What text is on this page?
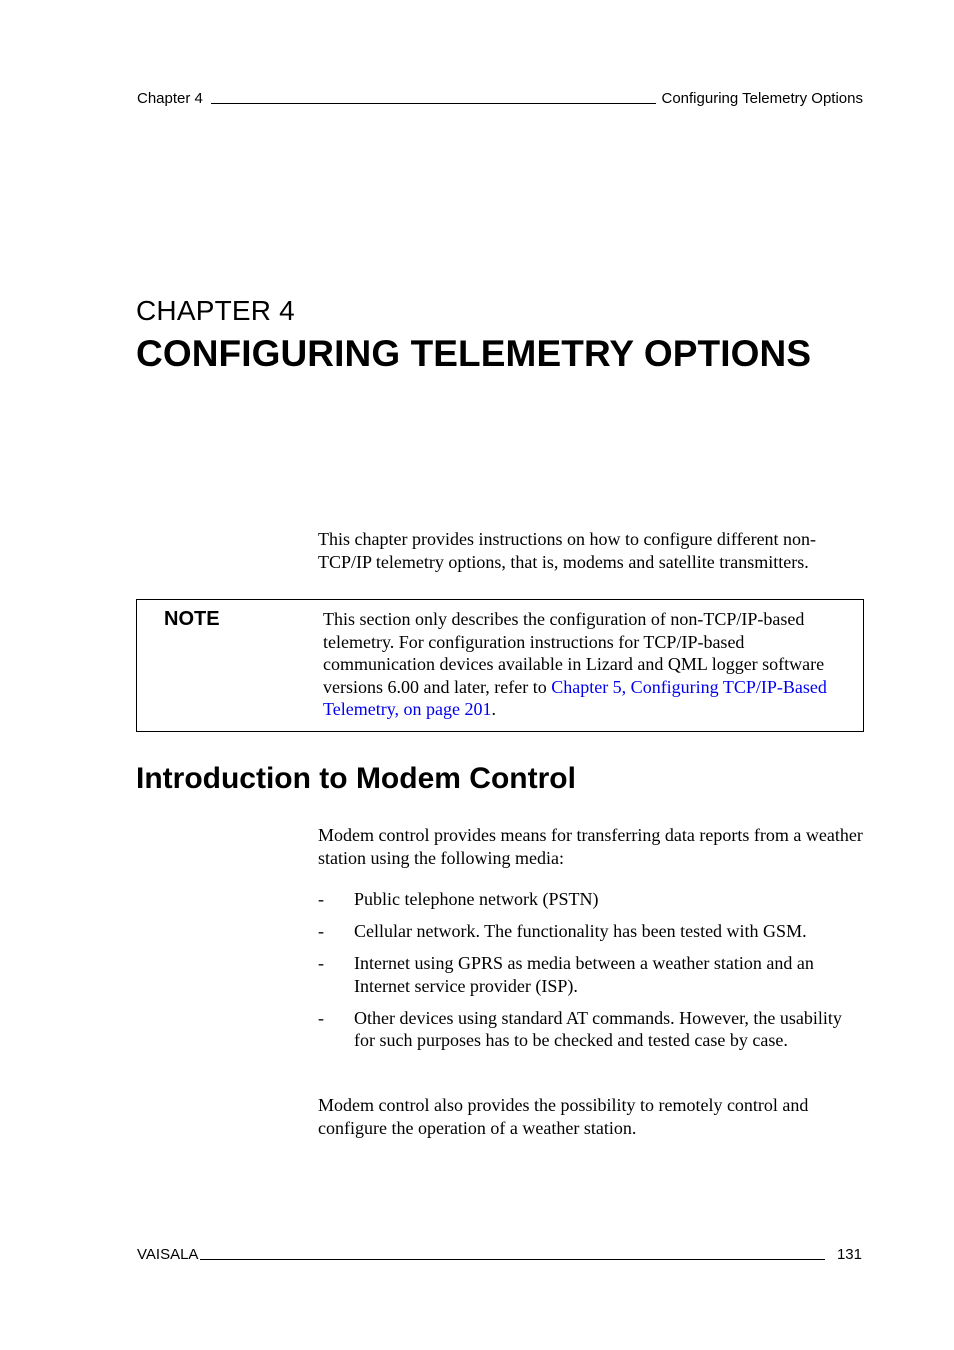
Chapter 4	Configuring Telemetry Options
CHAPTER 4
CONFIGURING TELEMETRY OPTIONS

This chapter provides instructions on how to configure different non-TCP/IP telemetry options, that is, modems and satellite transmitters.

NOTE	This section only describes the configuration of non-TCP/IP-based telemetry. For configuration instructions for TCP/IP-based communication devices available in Lizard and QML logger software versions 6.00 and later, refer to Chapter 5, Configuring TCP/IP-Based Telemetry, on page 201.
Introduction to Modem Control

Modem control provides means for transferring data reports from a weather station using the following media:

- Public telephone network (PSTN)
- Cellular network. The functionality has been tested with GSM.
- Internet using GPRS as media between a weather station and an Internet service provider (ISP).
- Other devices using standard AT commands. However, the usability for such purposes has to be checked and tested case by case.

Modem control also provides the possibility to remotely control and configure the operation of a weather station.

VAISALA	131
